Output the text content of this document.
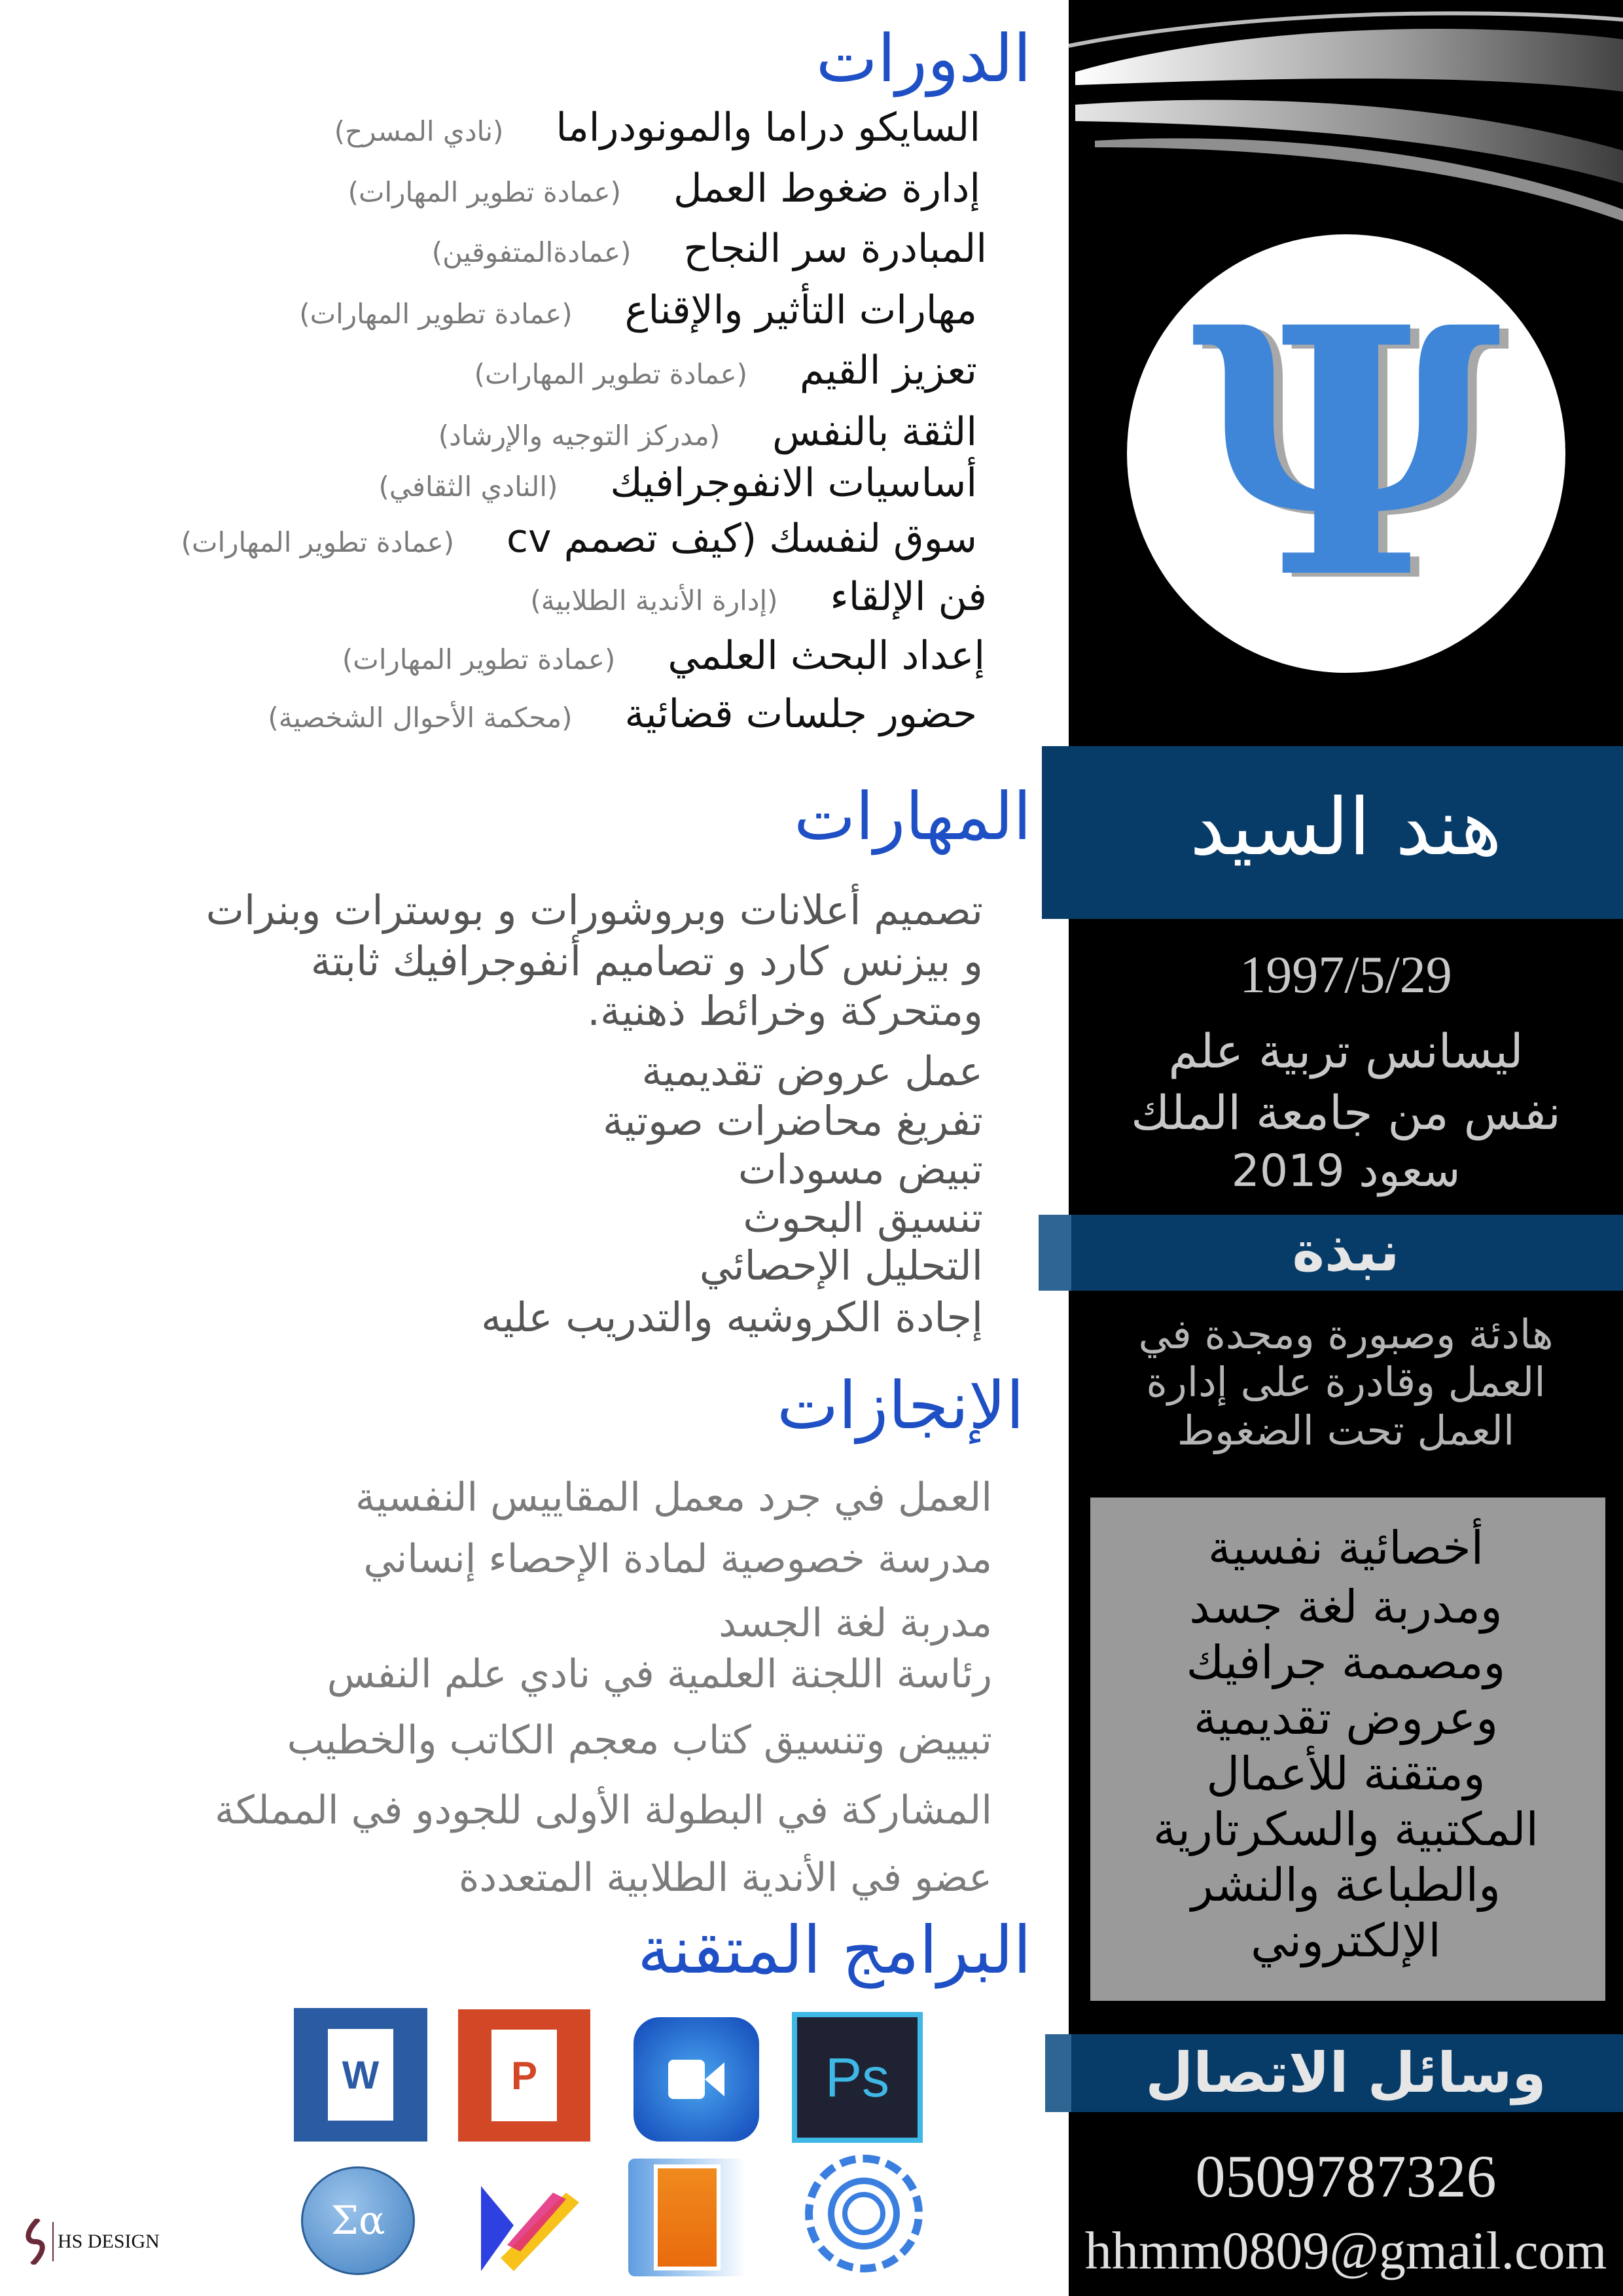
الدورات
السايكو دراما والمونودراما
(نادي المسرح)
إدارة ضغوط العمل
(عمادة تطوير المهارات)
المبادرة سر النجاح
(عمادةالمتفوقين)
مهارات التأثير والإقناع
(عمادة تطوير المهارات)
تعزيز القيم
(عمادة تطوير المهارات)
الثقة بالنفس
(مدركز التوجيه والإرشاد)
أساسيات الانفوجرافيك
(النادي الثقافي)
سوق لنفسك (كيف تصمم cv
(عمادة تطوير المهارات)
فن الإلقاء
(إدارة الأندية الطلابية)
إعداد البحث العلمي
(عمادة تطوير المهارات)
حضور جلسات قضائية
(محكمة الأحوال الشخصية)
المهارات
تصميم أعلانات وبروشورات و بوسترات وبنرات
و بيزنس كارد و تصاميم أنفوجرافيك ثابتة
ومتحركة وخرائط ذهنية.
عمل عروض تقديمية
تفريغ محاضرات صوتية
تبيض مسودات
تنسيق البحوث
التحليل الإحصائي
إجادة الكروشيه والتدريب عليه
الإنجازات
العمل في جرد معمل المقاييس النفسية
مدرسة خصوصية لمادة الإحصاء إنساني
مدربة لغة الجسد
رئاسة اللجنة العلمية في نادي علم النفس
تبييض وتنسيق كتاب معجم الكاتب والخطيب
المشاركة في البطولة الأولى للجودو في المملكة
عضو في الأندية الطلابية المتعددة
البرامج المتقنة
W	P	Ps
Σα
HS DESIGN
Ψ
هند السيد
1997/5/29
ليسانس تربية علم
نفس من جامعة الملك
سعود 2019
نبذة
هادئة وصبورة ومجدة في
العمل وقادرة على إدارة
العمل تحت الضغوط
أخصائية نفسية
ومدربة لغة جسد
ومصممة جرافيك
وعروض تقديمية
ومتقنة للأعمال
المكتبية والسكرتارية
والطباعة والنشر
الإلكتروني
وسائل الاتصال
0509787326
hhmm0809@gmail.com
